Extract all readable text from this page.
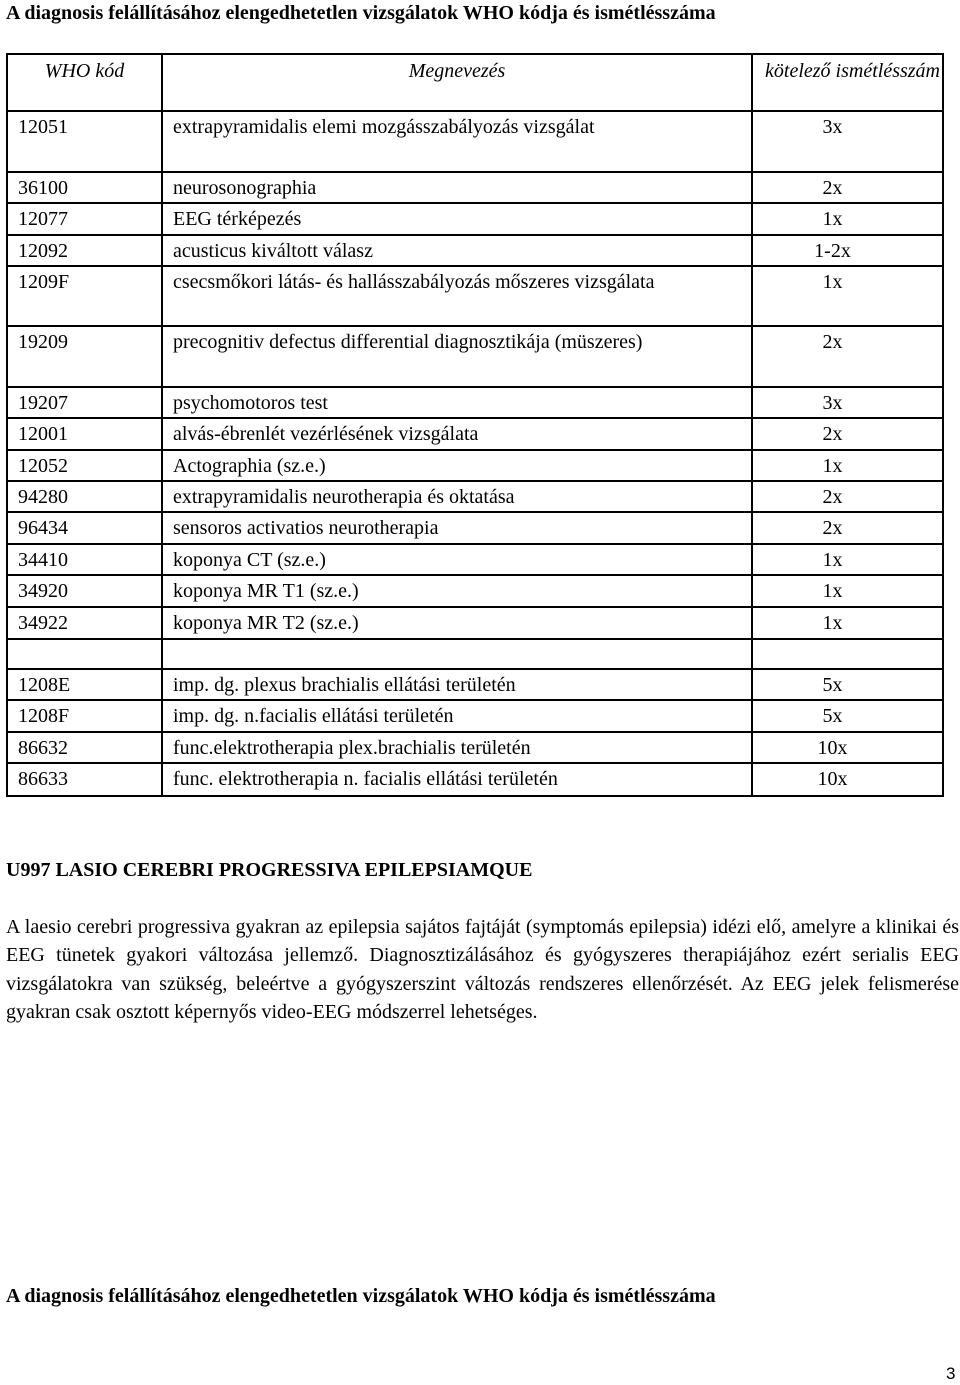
A diagnosis felállításához elengedhetetlen vizsgálatok WHO kódja és ismétlésszáma
WHO kód	Megnevezés	kötelező ismétlésszám
12051	extrapyramidalis elemi mozgásszabályozás vizsgálat	3x
36100	neurosonographia	2x
12077	EEG térképezés	1x
12092	acusticus kiváltott válasz	1-2x
1209F	csecsmőkori látás- és hallásszabályozás mőszeres vizsgálata	1x
19209	precognitiv defectus differential diagnosztikája (müszeres)	2x
19207	psychomotoros test	3x
12001	alvás-ébrenlét vezérlésének vizsgálata	2x
12052	Actographia (sz.e.)	1x
94280	extrapyramidalis neurotherapia és oktatása	2x
96434	sensoros activatios neurotherapia	2x
34410	koponya CT (sz.e.)	1x
34920	koponya MR T1 (sz.e.)	1x
34922	koponya MR T2 (sz.e.)	1x

1208E	imp. dg. plexus brachialis ellátási területén	5x
1208F	imp. dg. n.facialis ellátási területén	5x
86632	func.elektrotherapia plex.brachialis területén	10x
86633	func. elektrotherapia n. facialis ellátási területén	10x
U997 LASIO CEREBRI PROGRESSIVA EPILEPSIAMQUE

A laesio cerebri progressiva gyakran az epilepsia sajátos fajtáját (symptomás epilepsia) idézi elő, amelyre a klinikai és EEG tünetek gyakori változása jellemző. Diagnosztizálásához és gyógyszeres therapiájához ezért serialis EEG vizsgálatokra van szükség, beleértve a gyógyszerszint változás rendszeres ellenőrzését. Az EEG jelek felismerése gyakran csak osztott képernyős video-EEG módszerrel lehetséges.

A diagnosis felállításához elengedhetetlen vizsgálatok WHO kódja és ismétlésszáma
3
